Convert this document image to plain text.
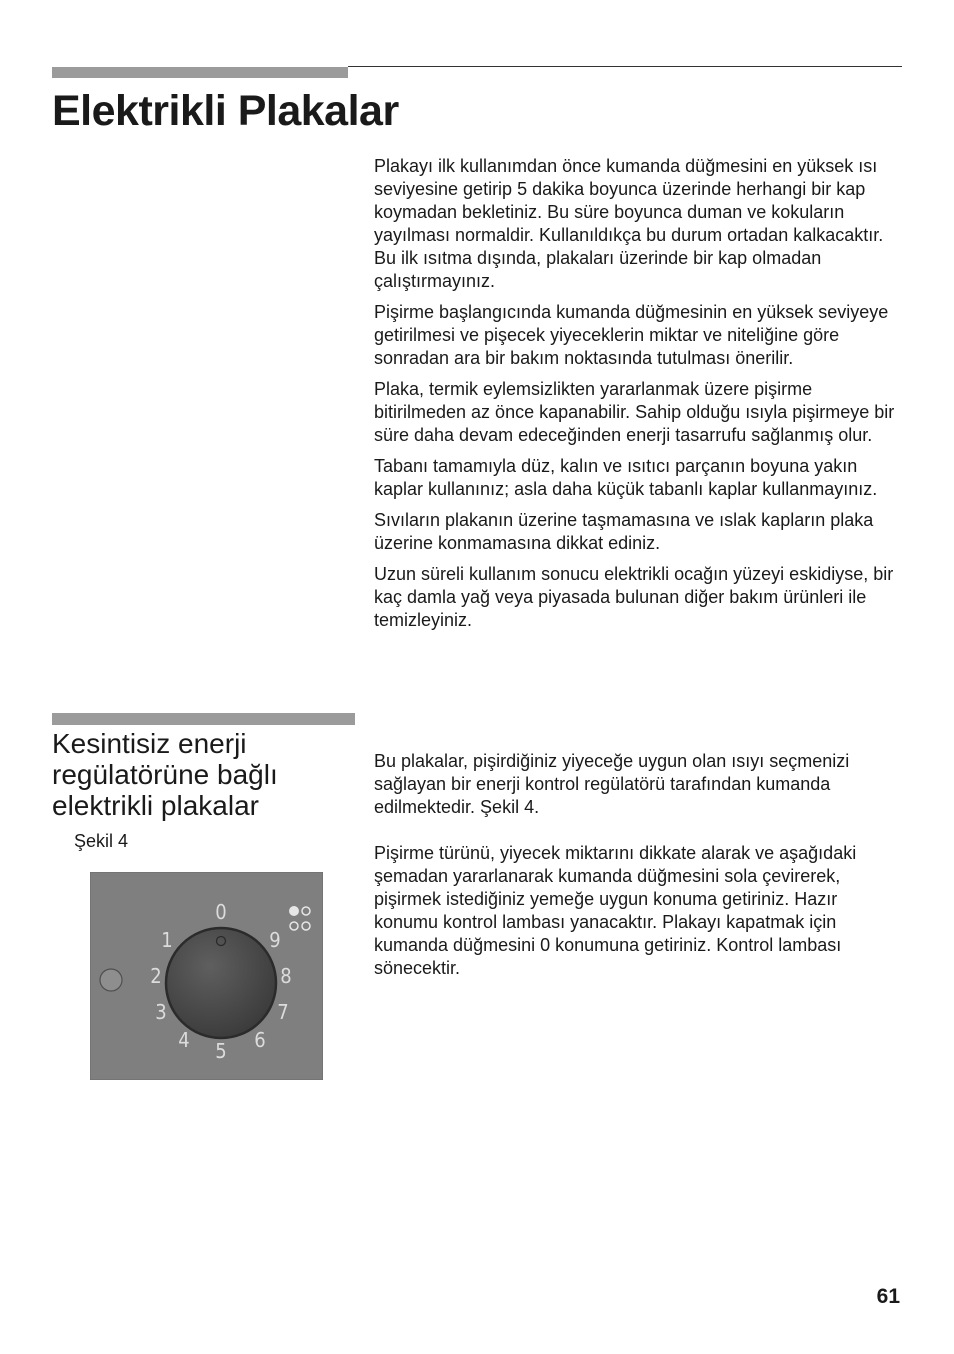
Elektrikli Plakalar

Plakayı ilk kullanımdan önce kumanda düğmesini en yüksek ısı seviyesine getirip 5 dakika boyunca üzerinde herhangi bir kap koymadan bekletiniz. Bu süre boyunca duman ve kokuların yayılması normaldir. Kullanıldıkça bu durum ortadan kalkacaktır. Bu ilk ısıtma dışında, plakaları üzerinde bir kap olmadan çalıştırmayınız.

Pişirme başlangıcında kumanda düğmesinin en yüksek seviyeye getirilmesi ve pişecek yiyeceklerin miktar ve niteliğine göre sonradan ara bir bakım noktasında tutulması önerilir.

Plaka, termik eylemsizlikten yararlanmak üzere pişirme bitirilmeden az önce kapanabilir. Sahip olduğu ısıyla pişirmeye bir süre daha devam edeceğinden enerji tasarrufu sağlanmış olur.

Tabanı tamamıyla düz, kalın ve ısıtıcı parçanın boyuna yakın kaplar kullanınız; asla daha küçük tabanlı kaplar kullanmayınız.

Sıvıların plakanın üzerine taşmamasına ve ıslak kapların plaka üzerine konmamasına dikkat ediniz.

Uzun süreli kullanım sonucu elektrikli ocağın yüzeyi eskidiyse, bir kaç damla yağ veya piyasada bulunan diğer bakım ürünleri ile temizleyiniz.

Kesintisiz enerji regülatörüne bağlı elektrikli plakalar
Şekil 4

Bu plakalar, pişirdiğiniz yiyeceğe uygun olan ısıyı seçmenizi sağlayan bir enerji kontrol regülatörü tarafından kumanda edilmektedir. Şekil 4.

Pişirme türünü, yiyecek miktarını dikkate alarak ve aşağıdaki şemadan yararlanarak kumanda düğmesini sola çevirerek, pişirmek istediğiniz yemeğe uygun konuma getiriniz. Hazır konumu kontrol lambası yanacaktır. Plakayı kapatmak için kumanda düğmesini 0 konumuna getiriniz. Kontrol lambası sönecektir.

0
1
2
3
4 5 6
7
8
9
61
